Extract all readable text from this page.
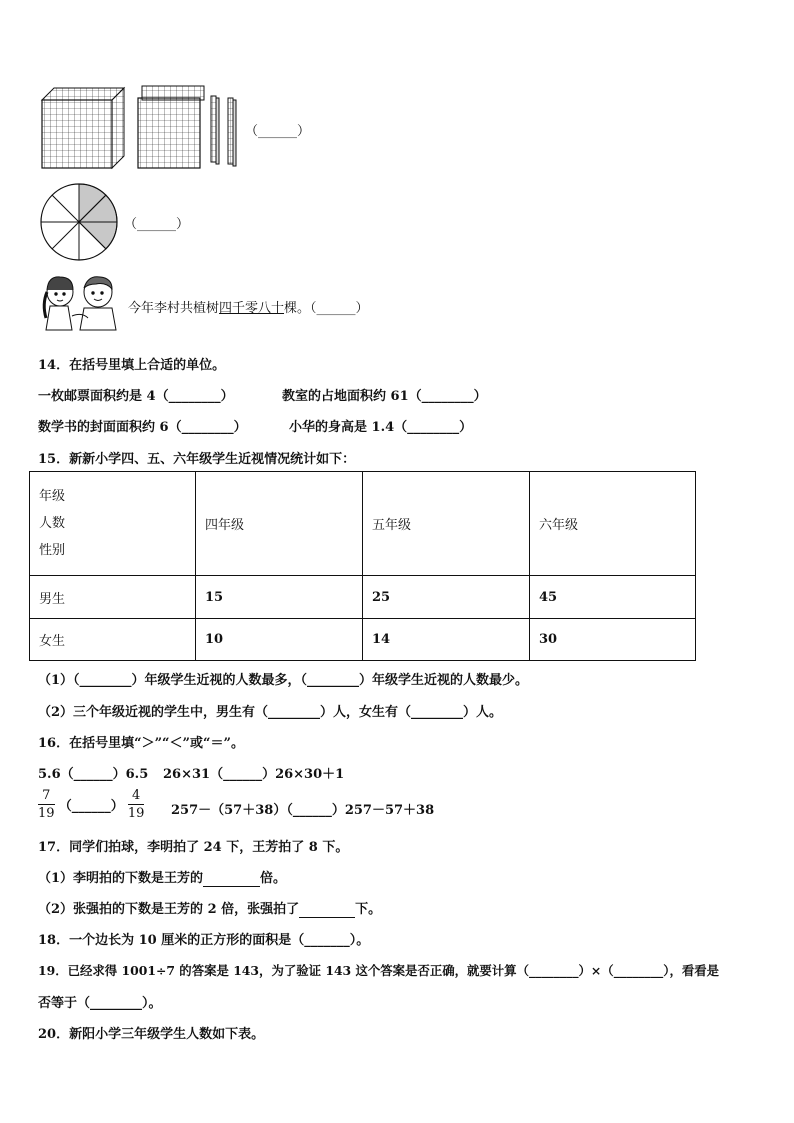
（______）
（______）
今年李村共植树四千零八十棵。（______）
14．在括号里填上合适的单位。
一枚邮票面积约是 4（________）	教室的占地面积约 61（________）
数学书的封面面积约 6（________）	小华的身高是 1.4（________）
15．新新小学四、五、六年级学生近视情况统计如下：
年级
人数
性别	四年级	五年级	六年级
男生	15	25	45
女生	10	14	30
（1）（________）年级学生近视的人数最多，（________）年级学生近视的人数最少。
（2）三个年级近视的学生中，男生有（________）人，女生有（________）人。
16．在括号里填“＞”“＜”或“＝”。
5.6（______）6.5 26×31（______）26×30＋1
$\frac{7}{19}$ （______） $\frac{4}{19}$ 257－（57＋38）（______）257－57＋38
17．同学们拍球，李明拍了 24 下，王芳拍了 8 下。
（1）李明拍的下数是王芳的	倍。
（2）张强拍的下数是王芳的 2 倍，张强拍了	下。
18．一个边长为 10 厘米的正方形的面积是（_______）。
19．已经求得 1001÷7 的答案是 143，为了验证 143 这个答案是否正确，就要计算（________）×（________），看看是
否等于（________）。
20．新阳小学三年级学生人数如下表。
